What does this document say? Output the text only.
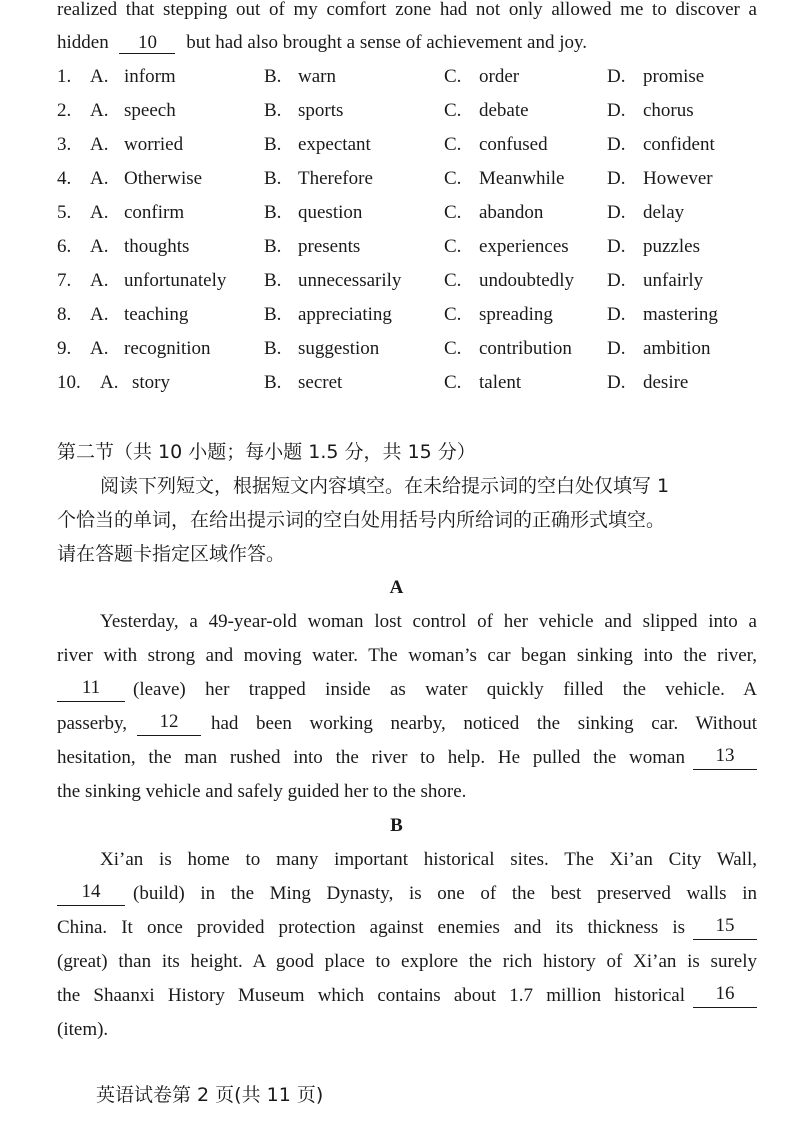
realized that stepping out of my comfort zone had not only allowed me to discover a
hidden 10 but had also brought a sense of achievement and joy.
1. A. inform	B. warn	C. order	D. promise
2. A. speech	B. sports	C. debate	D. chorus
3. A. worried	B. expectant	C. confused	D. confident
4. A. Otherwise	B. Therefore	C. Meanwhile D. However
5. A. confirm	B. question	C. abandon	D. delay
6. A. thoughts	B. presents	C. experiences D. puzzles
7. A. unfortunately B. unnecessarily C. undoubtedly D. unfairly
8. A. teaching	B. appreciating	C. spreading	D. mastering
9. A. recognition	B. suggestion	C. contribution D. ambition
10. A. story	B. secret	C. talent	D. desire
第二节（共 10 小题；每小题 1.5 分，共 15 分）
阅读下列短文，根据短文内容填空。在未给提示词的空白处仅填写 1
个恰当的单词，在给出提示词的空白处用括号内所给词的正确形式填空。
请在答题卡指定区域作答。
A
Yesterday, a 49-year-old woman lost control of her vehicle and slipped into a
river with strong and moving water. The woman’s car began sinking into the river,
11	(leave) her trapped inside as water quickly filled the vehicle. A
passerby,	12	had been working nearby, noticed the sinking car. Without
hesitation, the man rushed into the river to help. He pulled the woman	13
the sinking vehicle and safely guided her to the shore.
B
Xi’an is home to many important historical sites. The Xi’an City Wall,
14	(build) in the Ming Dynasty, is one of the best preserved walls in
China. It once provided protection against enemies and its thickness is	15
(great) than its height. A good place to explore the rich history of Xi’an is surely
the Shaanxi History Museum which contains about 1.7 million historical	16
(item).
英语试卷第 2 页(共 11 页)
